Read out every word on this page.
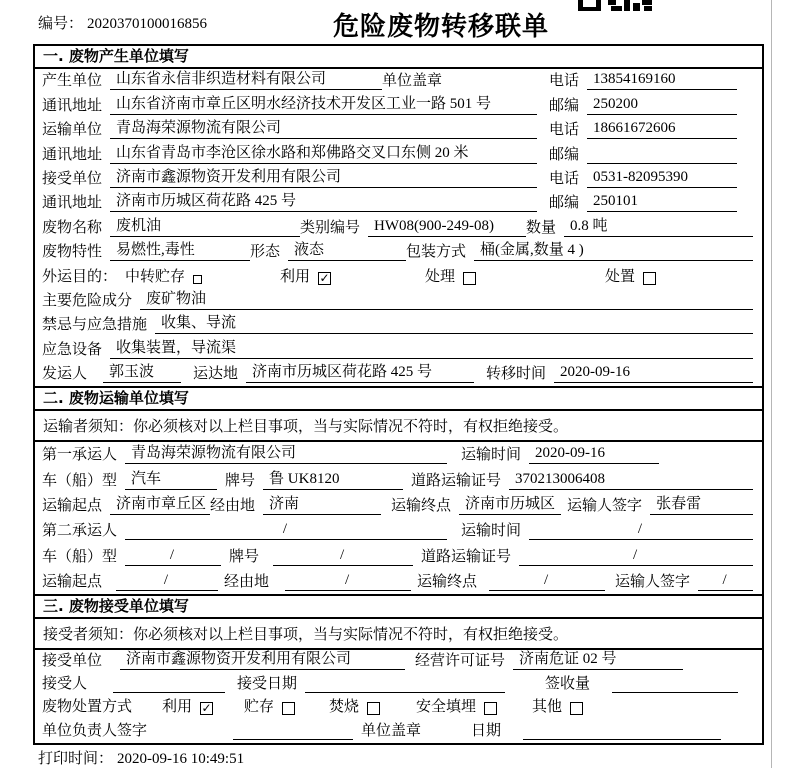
编号： 2020370100016856	危险废物转移联单
一. 废物产生单位填写
产生单位 山东省永信非织造材料有限公司	单位盖章	电话 13854169160
通讯地址 山东省济南市章丘区明水经济技术开发区工业一路 501 号	邮编 250200
运输单位 青岛海荣源物流有限公司	电话 18661672606
通讯地址 山东省青岛市李沧区徐水路和郑佛路交叉口东侧 20 米	邮编
接受单位 济南市鑫源物资开发利用有限公司	电话 0531-82095390
通讯地址 济南市历城区荷花路 425 号	邮编 250101
废物名称 废机油	类别编号 HW08(900-249-08)	数量 0.8 吨
废物特性 易燃性,毒性	形态 液态	包装方式 桶(金属,数量 4 )
外运目的： 中转贮存	利用 ✓	处理	处置
主要危险成分 废矿物油
禁忌与应急措施 收集、导流
应急设备 收集装置，导流渠
发运人	郭玉波	运达地 济南市历城区荷花路 425 号	转移时间 2020-09-16
二. 废物运输单位填写
运输者须知：你必须核对以上栏目事项，当与实际情况不符时，有权拒绝接受。
第一承运人 青岛海荣源物流有限公司	运输时间 2020-09-16
车（船）型 汽车	牌号 鲁 UK8120	道路运输证号 370213006408
运输起点 济南市章丘区 经由地 济南	运输终点 济南市历城区 运输人签字 张春雷
第二承运人	/	运输时间	/
车（船）型	/	牌号	/	道路运输证号	/
运输起点	/	经由地	/	运输终点	/	运输人签字	/
三. 废物接受单位填写
接受者须知：你必须核对以上栏目事项，当与实际情况不符时，有权拒绝接受。
接受单位	济南市鑫源物资开发利用有限公司	经营许可证号 济南危证 02 号
接受人	接受日期	签收量
废物处置方式 利用 ✓ 贮存	焚烧	安全填埋	其他
单位负责人签字	单位盖章	日期
打印时间： 2020-09-16 10:49:51
